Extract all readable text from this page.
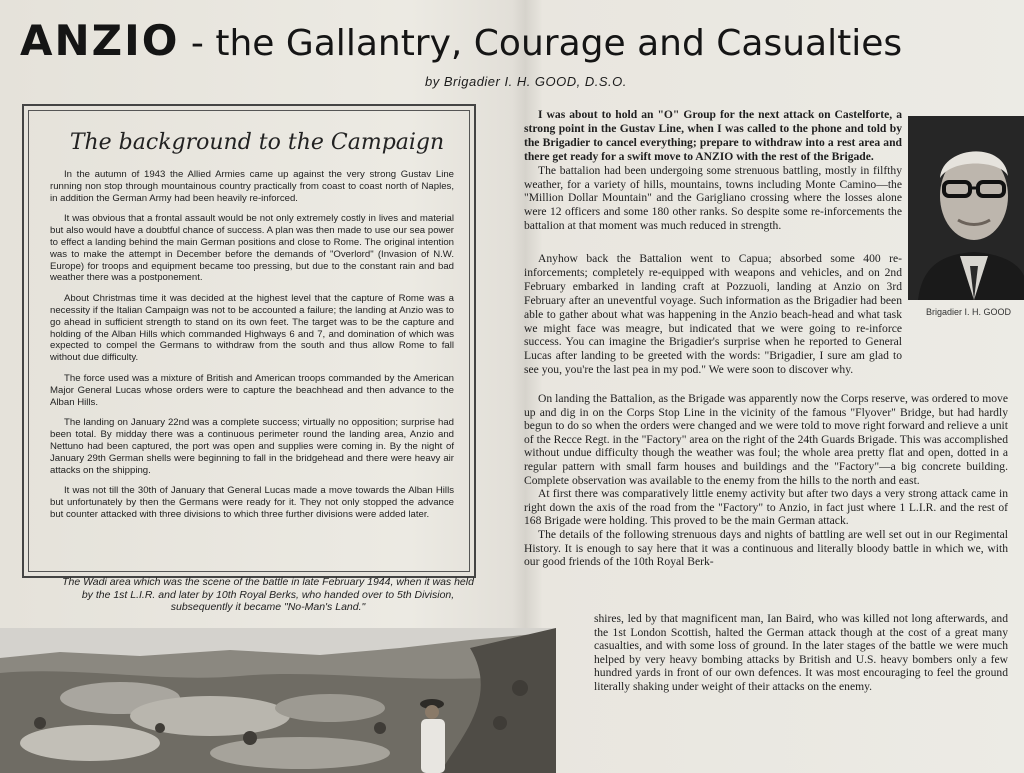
ANZIO - the Gallantry, Courage and Casualties
by Brigadier I. H. GOOD, D.S.O.
The background to the Campaign

In the autumn of 1943 the Allied Armies came up against the very strong Gustav Line running non stop through mountainous country practically from coast to coast north of Naples, in addition the German Army had been heavily re-inforced.

It was obvious that a frontal assault would be not only extremely costly in lives and material but also would have a doubtful chance of success. A plan was then made to use our sea power to effect a landing behind the main German positions and close to Rome. The original intention was to make the attempt in December before the demands of "Overlord" (Invasion of N.W. Europe) for troops and equipment became too pressing, but due to the constant rain and bad weather there was a postponement.

About Christmas time it was decided at the highest level that the capture of Rome was a necessity if the Italian Campaign was not to be accounted a failure; the landing at Anzio was to go ahead in sufficient strength to stand on its own feet. The target was to be the capture and holding of the Alban Hills which commanded Highways 6 and 7, and domination of which was expected to compel the Germans to withdraw from the south and thus allow Rome to fall without due difficulty.

The force used was a mixture of British and American troops commanded by the American Major General Lucas whose orders were to capture the beachhead and then advance to the Alban Hills.

The landing on January 22nd was a complete success; virtually no opposition; surprise had been total. By midday there was a continuous perimeter round the landing area, Anzio and Nettuno had been captured, the port was open and supplies were coming in. By the night of January 29th German shells were beginning to fall in the bridgehead and there were heavy air attacks on the shipping.

It was not till the 30th of January that General Lucas made a move towards the Alban Hills but unfortunately by then the Germans were ready for it. They not only stopped the advance but counter attacked with three divisions to which three further divisions were added later.

The Wadi area which was the scene of the battle in late February 1944, when it was held by the 1st L.I.R. and later by 10th Royal Berks, who handed over to 5th Division, subsequently it became "No-Man's Land."

I was about to hold an "O" Group for the next attack on Castelforte, a strong point in the Gustav Line, when I was called to the phone and told by the Brigadier to cancel everything; prepare to withdraw into a rest area and there get ready for a swift move to ANZIO with the rest of the Brigade.

The battalion had been undergoing some strenuous battling, mostly in filfthy weather, for a variety of hills, mountains, towns including Monte Camino—the "Million Dollar Mountain" and the Garigliano crossing where the losses alone were 12 officers and some 180 other ranks. So despite some re-inforcements the battalion at that moment was much reduced in strength.

Brigadier I. H. GOOD

Anyhow back the Battalion went to Capua; absorbed some 400 re-inforcements; completely re-equipped with weapons and vehicles, and on 2nd February embarked in landing craft at Pozzuoli, landing at Anzio on 3rd February after an uneventful voyage. Such information as the Brigadier had been able to gather about what was happening in the Anzio beach-head and what task we might face was meagre, but indicated that we were going to re-inforce success. You can imagine the Brigadier's surprise when he reported to General Lucas after landing to be greeted with the words: "Brigadier, I sure am glad to see you, you're the last pea in my pod." We were soon to discover why.

On landing the Battalion, as the Brigade was apparently now the Corps reserve, was ordered to move up and dig in on the Corps Stop Line in the vicinity of the famous "Flyover" Bridge, but had hardly begun to do so when the orders were changed and we were told to move right forward and relieve a unit of the Recce Regt. in the "Factory" area on the right of the 24th Guards Brigade. This was accomplished without undue difficulty though the weather was foul; the whole area pretty flat and open, dotted in a regular pattern with small farm houses and buildings and the "Factory"—a big concrete building. Complete observation was available to the enemy from the hills to the north and east.

At first there was comparatively little enemy activity but after two days a very strong attack came in right down the axis of the road from the "Factory" to Anzio, in fact just where 1 L.I.R. and the rest of 168 Brigade were holding. This proved to be the main German attack.

The details of the following strenuous days and nights of battling are well set out in our Regimental History. It is enough to say here that it was a continuous and literally bloody battle in which we, with our good friends of the 10th Royal Berk-

shires, led by that magnificent man, Ian Baird, who was killed not long afterwards, and the 1st London Scottish, halted the German attack though at the cost of a great many casualties, and with some loss of ground. In the later stages of the battle we were much helped by very heavy bombing attacks by British and U.S. heavy bombers only a few hundred yards in front of our own defences. It was most encouraging to feel the ground literally shaking under weight of their attacks on the enemy.
